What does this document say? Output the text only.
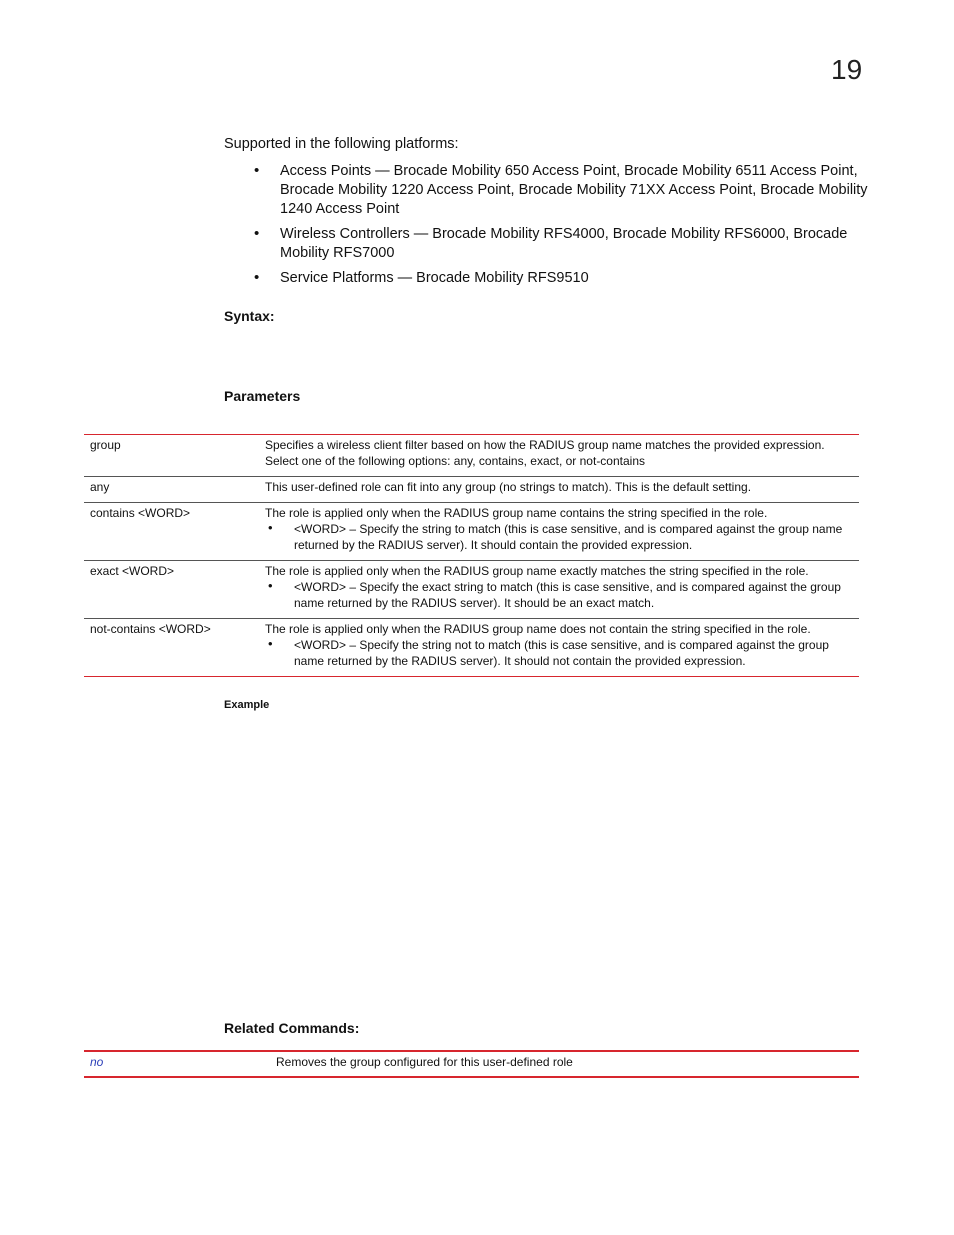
19
Supported in the following platforms:
• Access Points — Brocade Mobility 650 Access Point, Brocade Mobility 6511 Access Point, Brocade Mobility 1220 Access Point, Brocade Mobility 71XX Access Point, Brocade Mobility 1240 Access Point
• Wireless Controllers — Brocade Mobility RFS4000, Brocade Mobility RFS6000, Brocade Mobility RFS7000
• Service Platforms — Brocade Mobility RFS9510
Syntax:
Parameters
group	Specifies a wireless client filter based on how the RADIUS group name matches the provided expression. Select one of the following options: any, contains, exact, or not-contains

any	This user-defined role can fit into any group (no strings to match). This is the default setting.

contains <WORD>	The role is applied only when the RADIUS group name contains the string specified in the role.
• <WORD> – Specify the string to match (this is case sensitive, and is compared against the group name returned by the RADIUS server). It should contain the provided expression.

exact <WORD>	The role is applied only when the RADIUS group name exactly matches the string specified in the role.
• <WORD> – Specify the exact string to match (this is case sensitive, and is compared against the group name returned by the RADIUS server). It should be an exact match.

not-contains <WORD>	The role is applied only when the RADIUS group name does not contain the string specified in the role.
• <WORD> – Specify the string not to match (this is case sensitive, and is compared against the group name returned by the RADIUS server). It should not contain the provided expression.
Example
Related Commands:
no	Removes the group configured for this user-defined role
